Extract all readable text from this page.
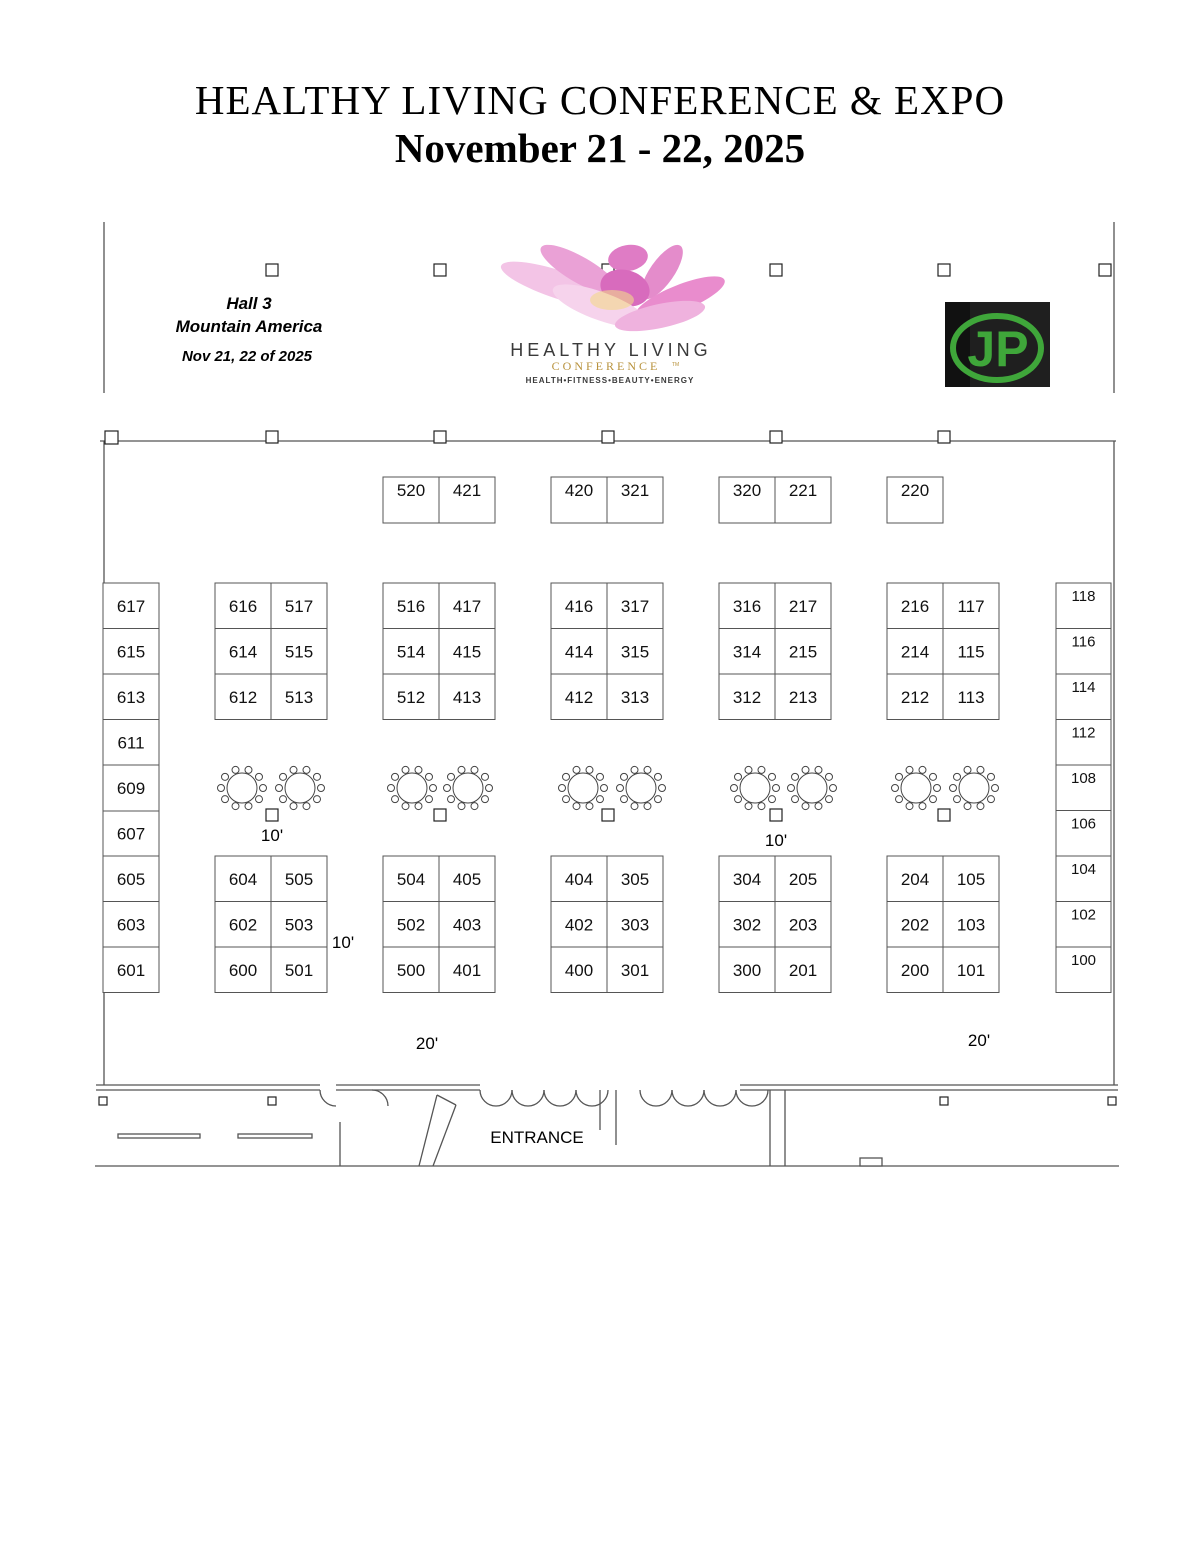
HEALTHY LIVING CONFERENCE & EXPO
November 21 - 22, 2025
520 421	420 321	320 221	220
616 517
614 515
612 513
516 417
514 415
512 413
416 317
414 315
412 313
316 217
314 215
312 213
216 117
214 115
212 113
604 505
602 503
600 501
504 405
502 403
500 401
404 305
402 303
400 301
304 205
302 203
300 201
204 105
202 103
200 101
617
615
613
611
609
607
605
603
601
118
116
114
112
108
106
104
102
100
Hall 3
Mountain America
Nov 21, 22 of 2025	HEALTHY LIVING
CONFERENCE TM
HEALTH•FITNESS•BEAUTY•ENERGY
JP
10'	10'
10'
20'	20'
ENTRANCE
